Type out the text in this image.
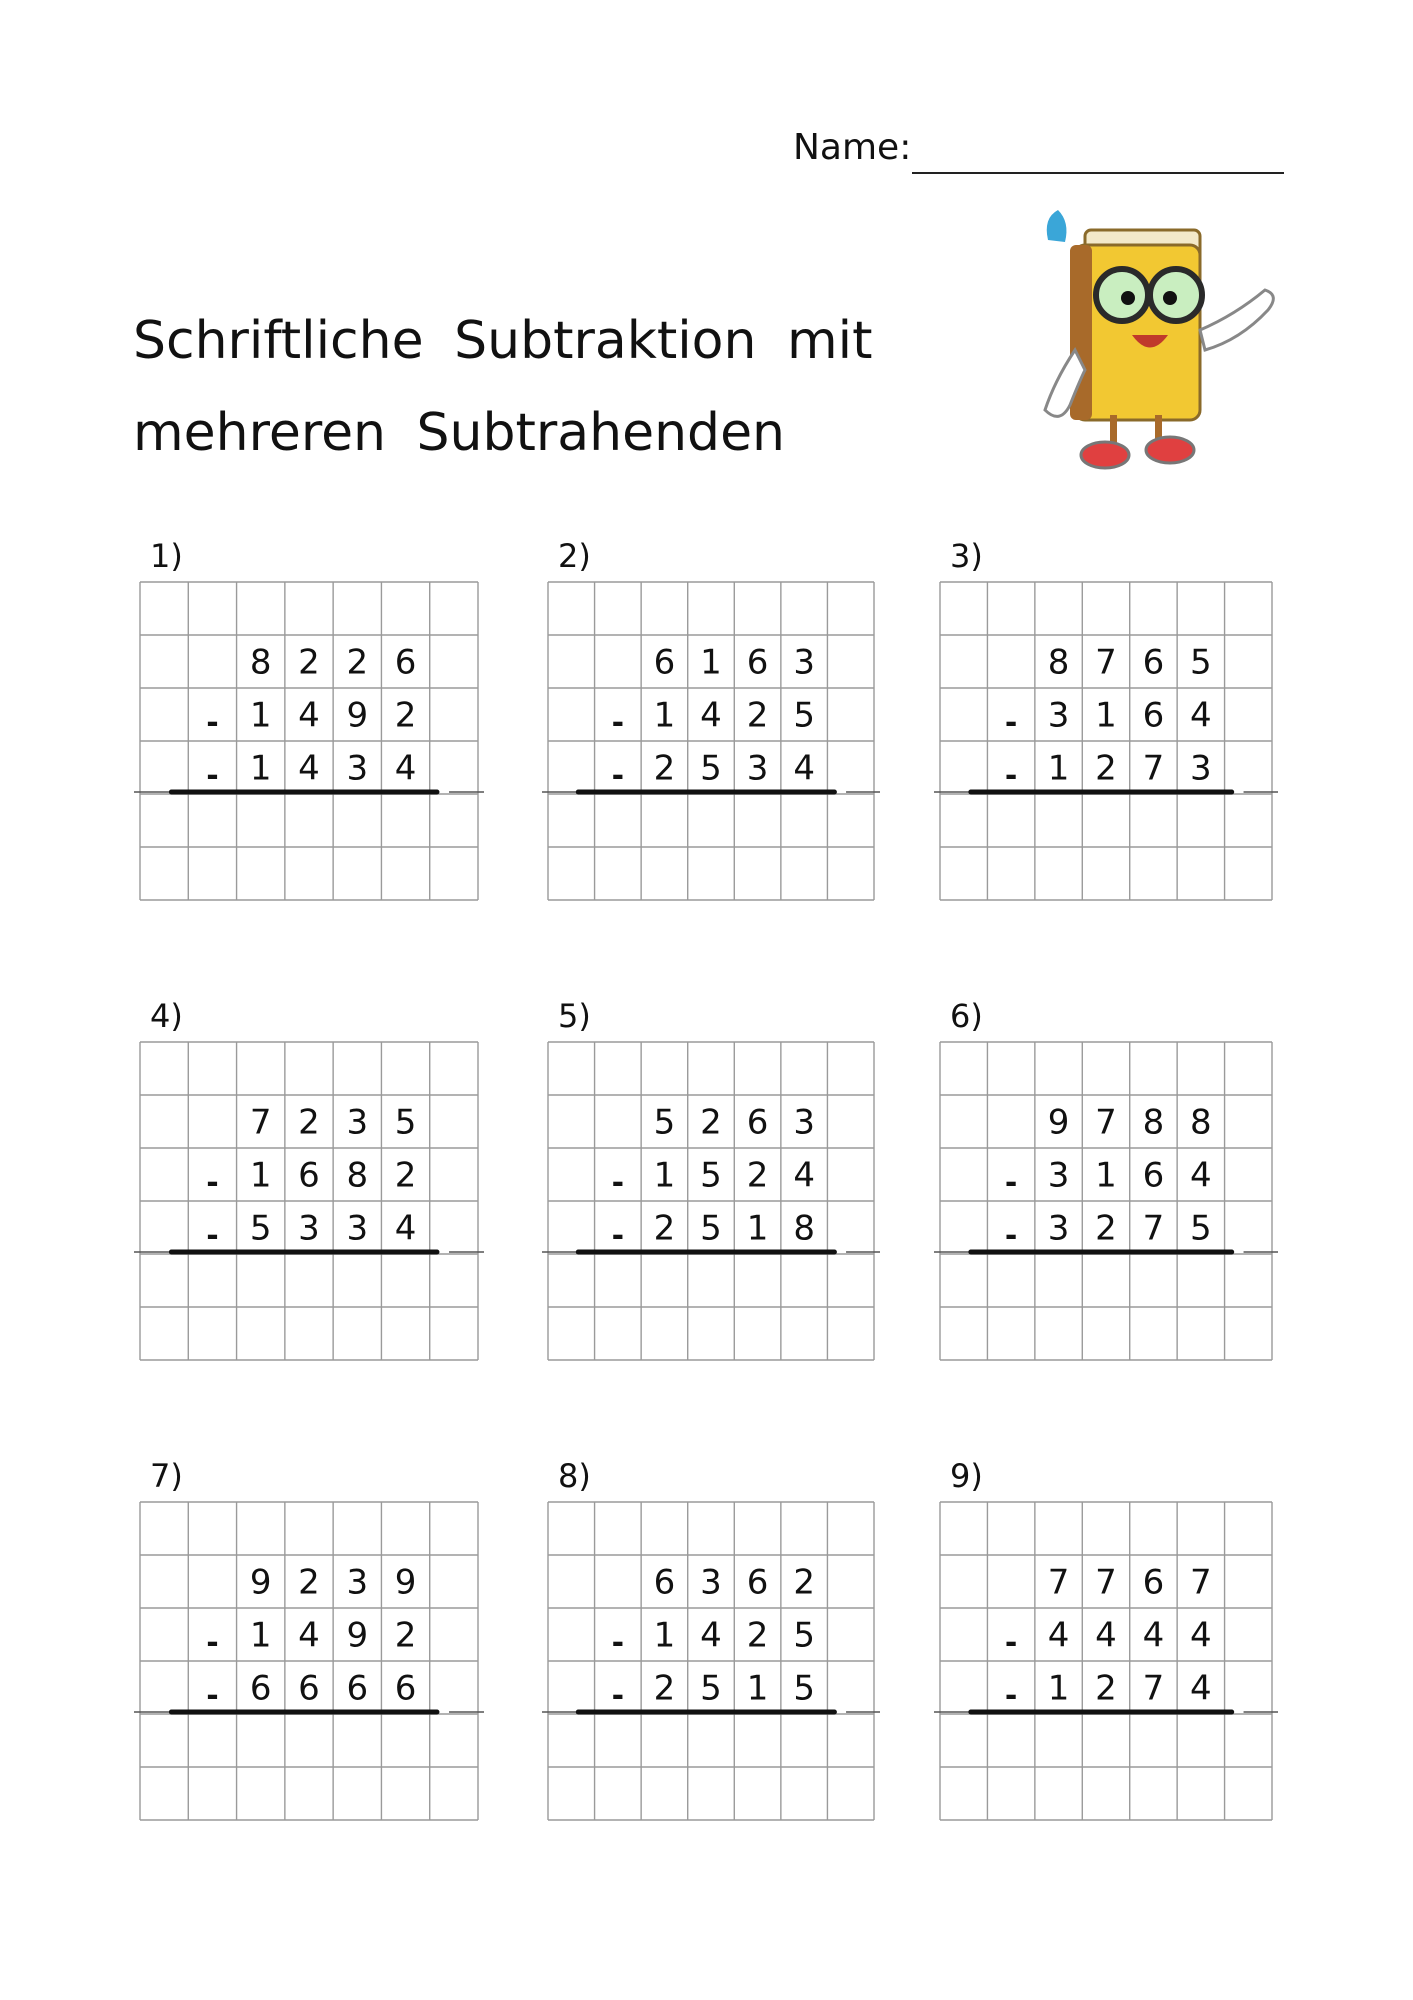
Name:
Schriftliche Subtraktion mit
mehreren Subtrahenden
1)
8 2 2 6
1 4 9 2
-
1 4 3 4
-
2)
6 1 6 3
1 4 2 5
-
2 5 3 4
-
3)
8 7 6 5
3 1 6 4
-
1 2 7 3
-
4)
7 2 3 5
1 6 8 2
-
5 3 3 4
-
5)
5 2 6 3
1 5 2 4
-
2 5 1 8
-
6)
9 7 8 8
3 1 6 4
-
3 2 7 5
-
7)
9 2 3 9
1 4 9 2
-
6 6 6 6
-
8)
6 3 6 2
1 4 2 5
-
2 5 1 5
-
9)
7 7 6 7
4 4 4 4
-
1 2 7 4
-
